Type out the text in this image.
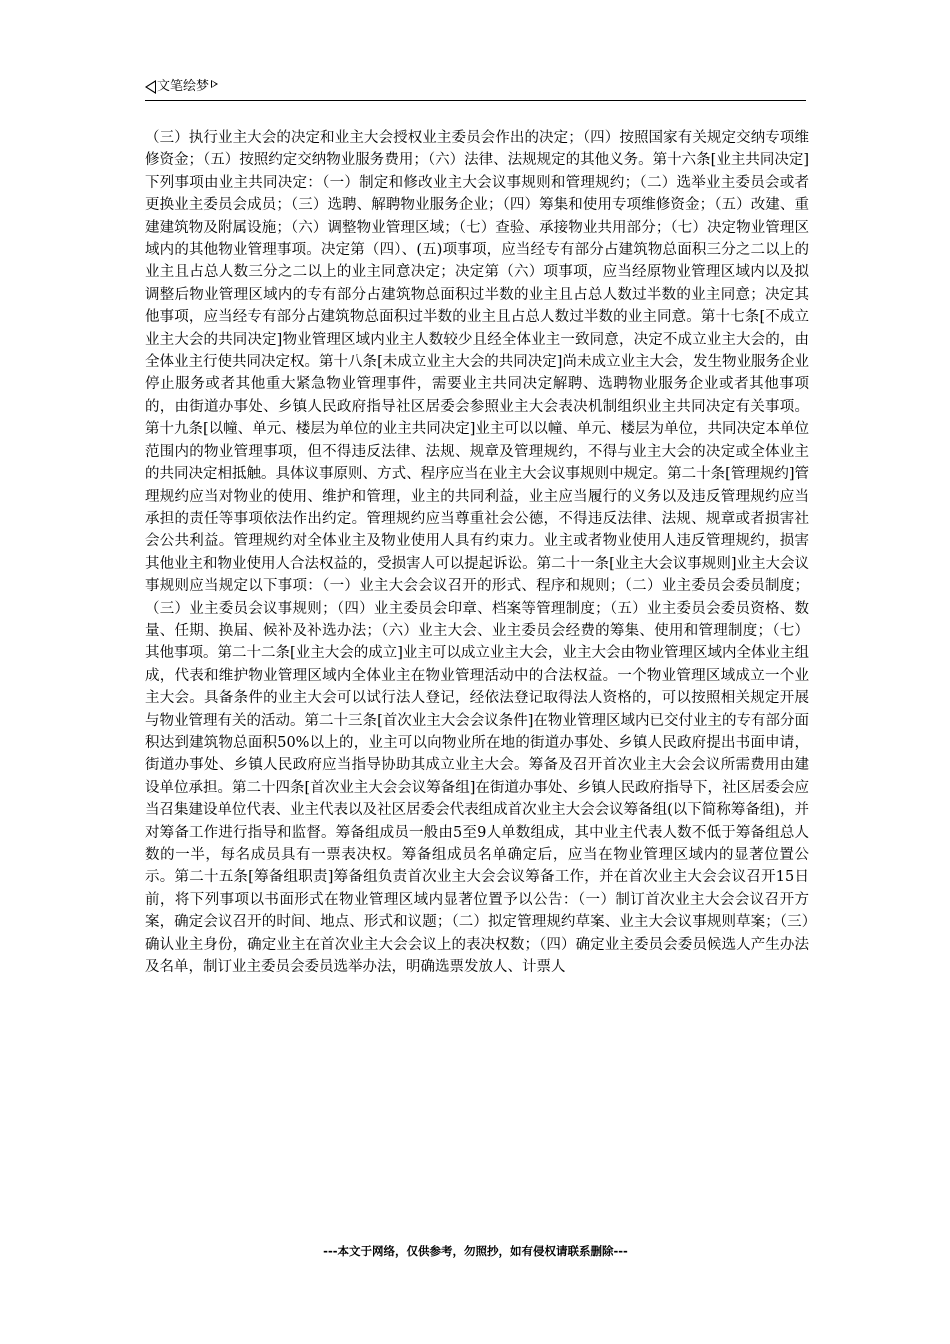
文笔绘梦

（三）执行业主大会的决定和业主大会授权业主委员会作出的决定；（四）按照国家有关规定交纳专项维修资金；（五）按照约定交纳物业服务费用；（六）法律、法规规定的其他义务。第十六条[业主共同决定]下列事项由业主共同决定：（一）制定和修改业主大会议事规则和管理规约；（二）选举业主委员会或者更换业主委员会成员；（三）选聘、解聘物业服务企业；（四）筹集和使用专项维修资金；（五）改建、重建建筑物及附属设施；（六）调整物业管理区域；（七）查验、承接物业共用部分；（七）决定物业管理区域内的其他物业管理事项。决定第（四）、(五)项事项，应当经专有部分占建筑物总面积三分之二以上的业主且占总人数三分之二以上的业主同意决定；决定第（六）项事项，应当经原物业管理区域内以及拟调整后物业管理区域内的专有部分占建筑物总面积过半数的业主且占总人数过半数的业主同意；决定其他事项，应当经专有部分占建筑物总面积过半数的业主且占总人数过半数的业主同意。第十七条[不成立业主大会的共同决定]物业管理区域内业主人数较少且经全体业主一致同意，决定不成立业主大会的，由全体业主行使共同决定权。第十八条[未成立业主大会的共同决定]尚未成立业主大会，发生物业服务企业停止服务或者其他重大紧急物业管理事件，需要业主共同决定解聘、选聘物业服务企业或者其他事项的，由街道办事处、乡镇人民政府指导社区居委会参照业主大会表决机制组织业主共同决定有关事项。第十九条[以幢、单元、楼层为单位的业主共同决定]业主可以以幢、单元、楼层为单位，共同决定本单位范围内的物业管理事项，但不得违反法律、法规、规章及管理规约，不得与业主大会的决定或全体业主的共同决定相抵触。具体议事原则、方式、程序应当在业主大会议事规则中规定。第二十条[管理规约]管理规约应当对物业的使用、维护和管理，业主的共同利益，业主应当履行的义务以及违反管理规约应当承担的责任等事项依法作出约定。管理规约应当尊重社会公德，不得违反法律、法规、规章或者损害社会公共利益。管理规约对全体业主及物业使用人具有约束力。业主或者物业使用人违反管理规约，损害其他业主和物业使用人合法权益的，受损害人可以提起诉讼。第二十一条[业主大会议事规则]业主大会议事规则应当规定以下事项：（一）业主大会会议召开的形式、程序和规则；（二）业主委员会委员制度；（三）业主委员会议事规则；（四）业主委员会印章、档案等管理制度；（五）业主委员会委员资格、数量、任期、换届、候补及补选办法；（六）业主大会、业主委员会经费的筹集、使用和管理制度；（七）其他事项。第二十二条[业主大会的成立]业主可以成立业主大会，业主大会由物业管理区域内全体业主组成，代表和维护物业管理区域内全体业主在物业管理活动中的合法权益。一个物业管理区域成立一个业主大会。具备条件的业主大会可以试行法人登记，经依法登记取得法人资格的，可以按照相关规定开展与物业管理有关的活动。第二十三条[首次业主大会会议条件]在物业管理区域内已交付业主的专有部分面积达到建筑物总面积50%以上的，业主可以向物业所在地的街道办事处、乡镇人民政府提出书面申请，街道办事处、乡镇人民政府应当指导协助其成立业主大会。筹备及召开首次业主大会会议所需费用由建设单位承担。第二十四条[首次业主大会会议筹备组]在街道办事处、乡镇人民政府指导下，社区居委会应当召集建设单位代表、业主代表以及社区居委会代表组成首次业主大会会议筹备组(以下简称筹备组)，并对筹备工作进行指导和监督。筹备组成员一般由5至9人单数组成，其中业主代表人数不低于筹备组总人数的一半，每名成员具有一票表决权。筹备组成员名单确定后，应当在物业管理区域内的显著位置公示。第二十五条[筹备组职责]筹备组负责首次业主大会会议筹备工作，并在首次业主大会会议召开15日前，将下列事项以书面形式在物业管理区域内显著位置予以公告：（一）制订首次业主大会会议召开方案，确定会议召开的时间、地点、形式和议题；（二）拟定管理规约草案、业主大会议事规则草案；（三）确认业主身份，确定业主在首次业主大会会议上的表决权数；（四）确定业主委员会委员候选人产生办法及名单，制订业主委员会委员选举办法，明确选票发放人、计票人

---本文于网络，仅供参考，勿照抄，如有侵权请联系删除---
